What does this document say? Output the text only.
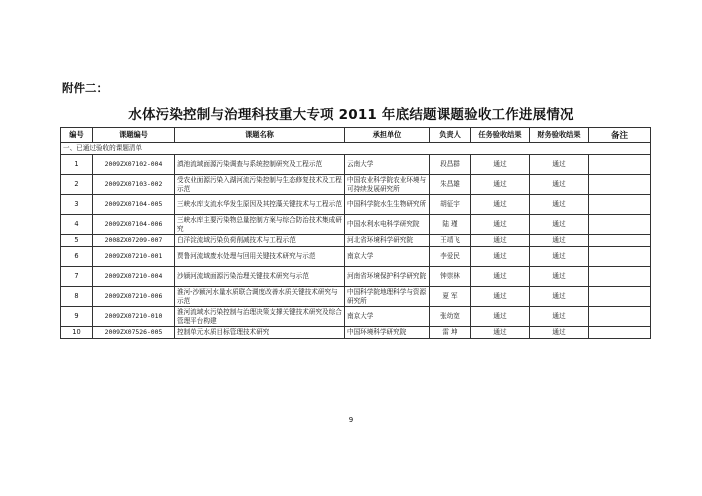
附件二：
水体污染控制与治理科技重大专项 2011 年底结题课题验收工作进展情况
编号	课题编号	课题名称	承担单位	负责人	任务验收结果	财务验收结果	备注
一、已通过验收的课题清单							
1	2009ZX07102-004	滇池流域面源污染调查与系统控制研究及工程示范	云南大学	段昌群	通过	通过	
2	2009ZX07103-002	受农业面源污染入湖河流污染控制与生态修复技术及工程示范	中国农业科学院农业环境与可持续发展研究所	朱昌雄	通过	通过	
3	2009ZX07104-005	三峡水库支流水华发生原因及其控藻关键技术与工程示范	中国科学院水生生物研究所	胡征宇	通过	通过	
4	2009ZX07104-006	三峡水库主要污染物总量控制方案与综合防治技术集成研究	中国水利水电科学研究院	陆 瑾	通过	通过	
5	2008ZX07209-007	白洋淀流域污染负荷削减技术与工程示范	河北省环境科学研究院	王靖飞	通过	通过	
6	2009ZX07210-001	贾鲁河流域废水处理与回用关键技术研究与示范	南京大学	李爱民	通过	通过	
7	2009ZX07210-004	沙颍河流域面源污染治理关键技术研究与示范	河南省环境保护科学研究院	钟崇林	通过	通过	
8	2009ZX07210-006	淮河-沙颍河水量水质联合调度改善水质关键技术研究与示范	中国科学院地理科学与资源研究所	夏 军	通过	通过	
9	2009ZX07210-010	淮河流域水污染控制与治理决策支撑关键技术研究及综合管理平台构建	南京大学	张幼宽	通过	通过	
10	2009ZX07526-005	控制单元水质目标管理技术研究	中国环境科学研究院	雷 坤	通过	通过	
9
